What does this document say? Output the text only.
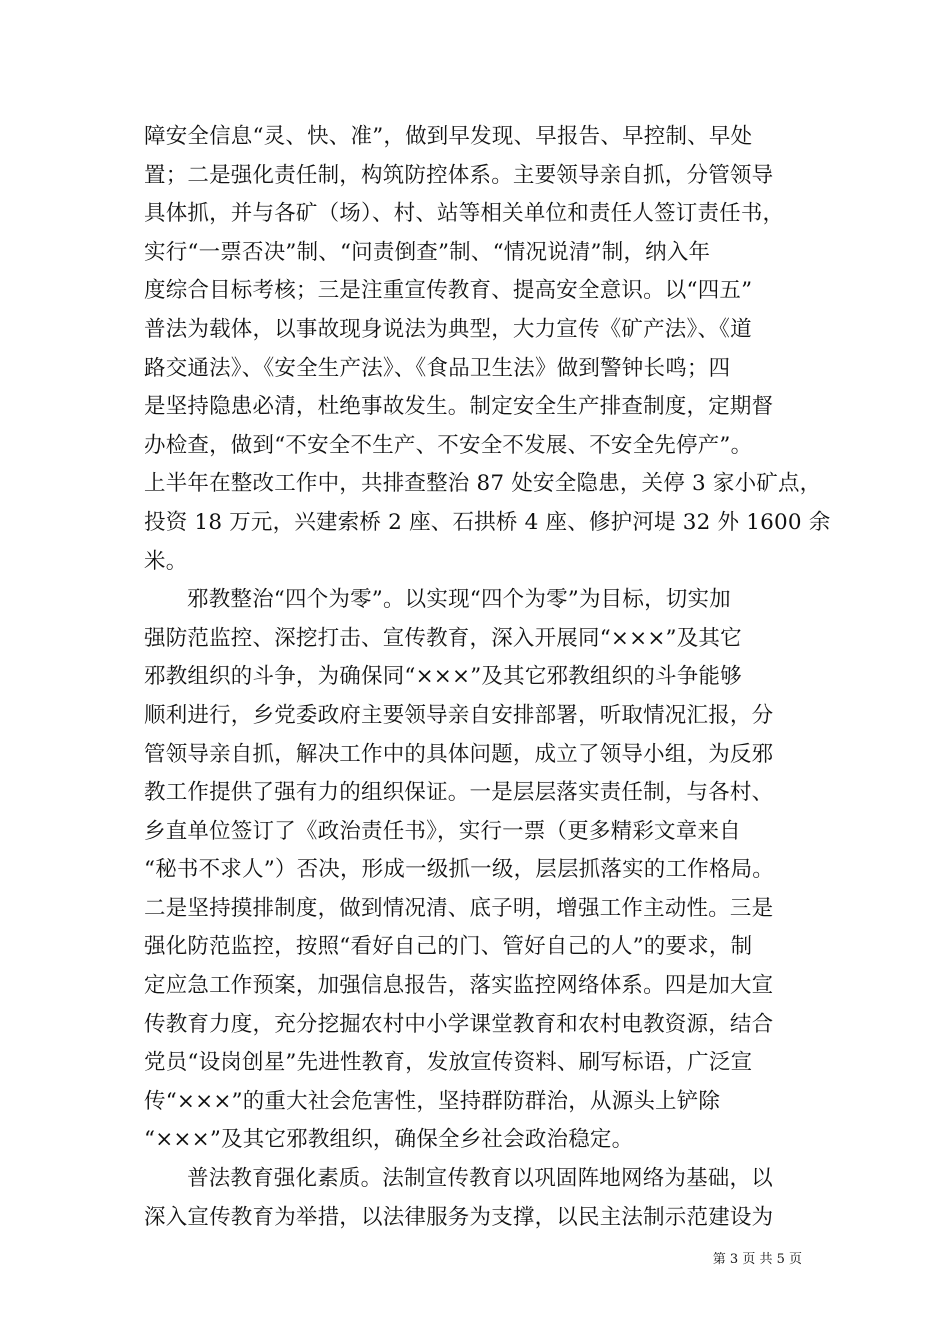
障安全信息“灵、快、准”，做到早发现、早报告、早控制、早处
置；二是强化责任制，构筑防控体系。主要领导亲自抓，分管领导
具体抓，并与各矿（场）、村、站等相关单位和责任人签订责任书，
实行“一票否决”制、“问责倒查”制、“情况说清”制，纳入年
度综合目标考核；三是注重宣传教育、提高安全意识。以“四五”
普法为载体，以事故现身说法为典型，大力宣传《矿产法》、《道
路交通法》、《安全生产法》、《食品卫生法》做到警钟长鸣；四
是坚持隐患必清，杜绝事故发生。制定安全生产排查制度，定期督
办检查，做到“不安全不生产、不安全不发展、不安全先停产”。
上半年在整改工作中，共排查整治 87 处安全隐患，关停 3 家小矿点，
投资 18 万元，兴建索桥 2 座、石拱桥 4 座、修护河堤 32 外 1600 余
米。
邪教整治“四个为零”。以实现“四个为零”为目标，切实加
强防范监控、深挖打击、宣传教育，深入开展同“×××”及其它
邪教组织的斗争，为确保同“×××”及其它邪教组织的斗争能够
顺利进行，乡党委政府主要领导亲自安排部署，听取情况汇报，分
管领导亲自抓，解决工作中的具体问题，成立了领导小组，为反邪
教工作提供了强有力的组织保证。一是层层落实责任制，与各村、
乡直单位签订了《政治责任书》，实行一票（更多精彩文章来自
“秘书不求人”）否决，形成一级抓一级，层层抓落实的工作格局。
二是坚持摸排制度，做到情况清、底子明，增强工作主动性。三是
强化防范监控，按照“看好自己的门、管好自己的人”的要求，制
定应急工作预案，加强信息报告，落实监控网络体系。四是加大宣
传教育力度，充分挖掘农村中小学课堂教育和农村电教资源，结合
党员“设岗创星”先进性教育，发放宣传资料、刷写标语，广泛宣
传“×××”的重大社会危害性，坚持群防群治，从源头上铲除
“×××”及其它邪教组织，确保全乡社会政治稳定。
普法教育强化素质。法制宣传教育以巩固阵地网络为基础，以
深入宣传教育为举措，以法律服务为支撑，以民主法制示范建设为
第 3 页 共 5 页
